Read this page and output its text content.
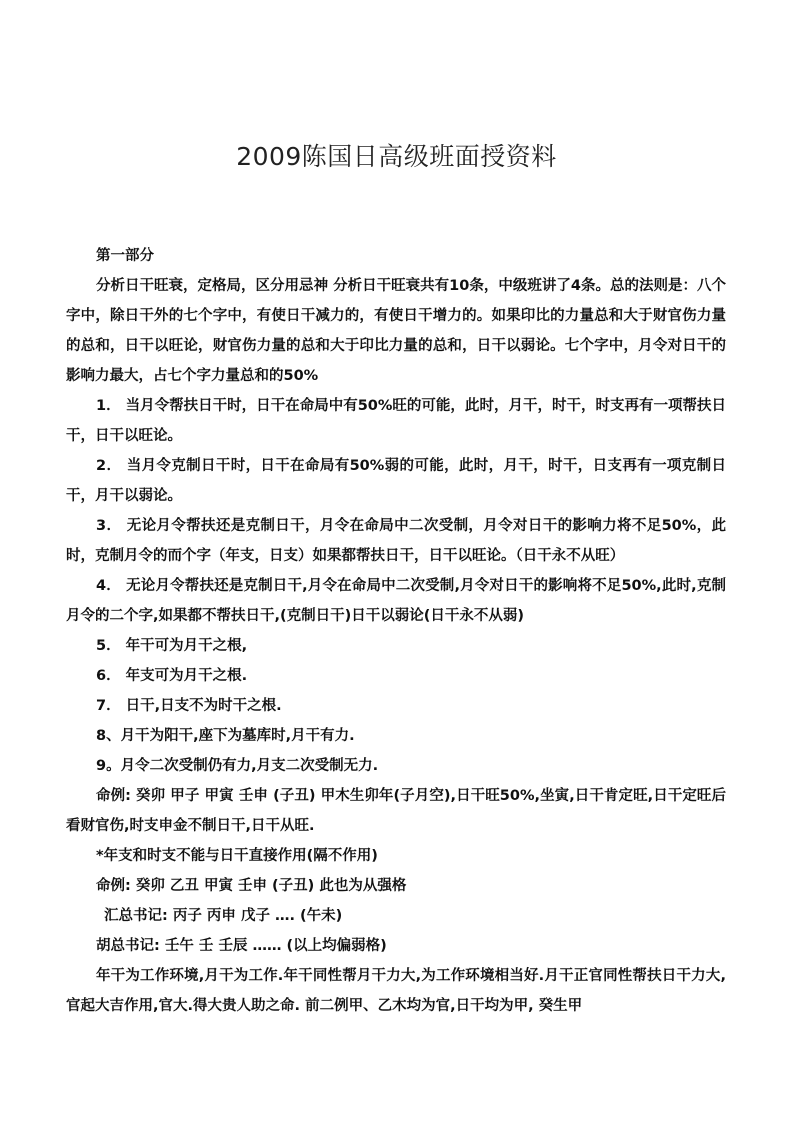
2009陈国日高级班面授资料

第一部分

分析日干旺衰，定格局，区分用忌神 分析日干旺衰共有10条，中级班讲了4条。总的法则是：八个字中，除日干外的七个字中，有使日干减力的，有使日干增力的。如果印比的力量总和大于财官伤力量的总和，日干以旺论，财官伤力量的总和大于印比力量的总和，日干以弱论。七个字中，月令对日干的影响力最大，占七个字力量总和的50%

1． 当月令帮扶日干时，日干在命局中有50%旺的可能，此时，月干，时干，时支再有一项帮扶日干，日干以旺论。

2． 当月令克制日干时，日干在命局有50%弱的可能，此时，月干，时干，日支再有一项克制日干，月干以弱论。

3． 无论月令帮扶还是克制日干，月令在命局中二次受制，月令对日干的影响力将不足50%，此时，克制月令的而个字（年支，日支）如果都帮扶日干，日干以旺论。（日干永不从旺）

4． 无论月令帮扶还是克制日干,月令在命局中二次受制,月令对日干的影响将不足50%,此时,克制月令的二个字,如果都不帮扶日干,(克制日干)日干以弱论(日干永不从弱)

5． 年干可为月干之根,

6． 年支可为月干之根.

7． 日干,日支不为时干之根.

8、月干为阳干,座下为墓库时,月干有力.

9。月令二次受制仍有力,月支二次受制无力.

命例: 癸卯 甲子 甲寅 壬申 (子丑) 甲木生卯年(子月空),日干旺50%,坐寅,日干肯定旺,日干定旺后看财官伤,时支申金不制日干,日干从旺.

*年支和时支不能与日干直接作用(隔不作用)

命例: 癸卯 乙丑 甲寅 壬申 (子丑) 此也为从强格

汇总书记: 丙子 丙申 戊子 …. (午未)

胡总书记: 壬午 壬 壬辰 …… (以上均偏弱格)

年干为工作环境,月干为工作.年干同性帮月干力大,为工作环境相当好.月干正官同性帮扶日干力大,官起大吉作用,官大.得大贵人助之命. 前二例甲、乙木均为官,日干均为甲, 癸生甲
